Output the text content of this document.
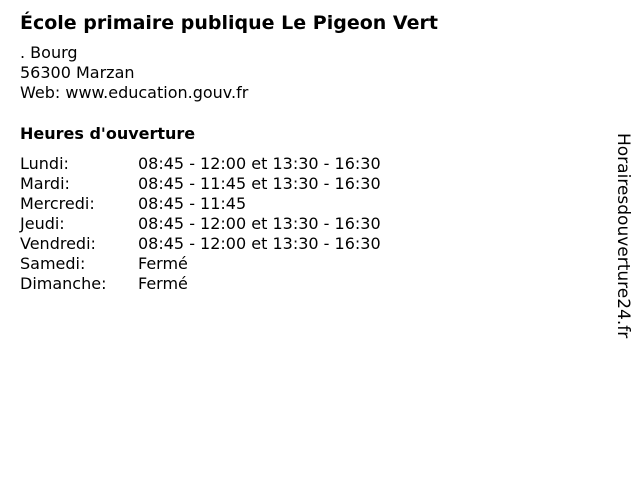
École primaire publique Le Pigeon Vert
. Bourg
56300 Marzan
Web: www.education.gouv.fr
Heures d'ouverture
Lundi:	08:45 - 12:00 et 13:30 - 16:30
Mardi:	08:45 - 11:45 et 13:30 - 16:30
Mercredi:	08:45 - 11:45
Jeudi:	08:45 - 12:00 et 13:30 - 16:30
Vendredi:	08:45 - 12:00 et 13:30 - 16:30
Samedi:	Fermé
Dimanche:	Fermé	Horairesdouverture24.fr
